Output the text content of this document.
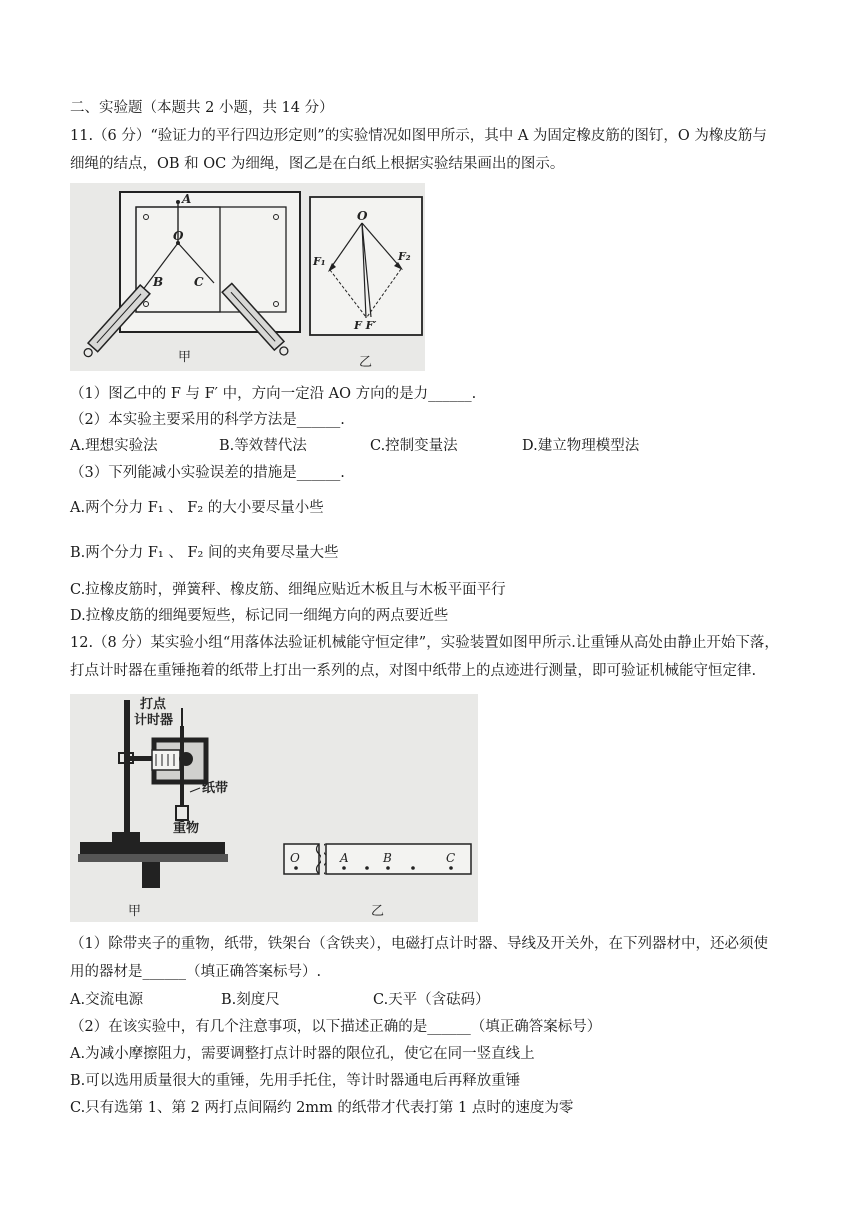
二、实验题（本题共 2 小题，共 14 分）
11.（6 分）“验证力的平行四边形定则”的实验情况如图甲所示，其中 A 为固定橡皮筋的图钉，O 为橡皮筋与
细绳的结点，OB 和 OC 为细绳，图乙是在白纸上根据实验结果画出的图示。
A
O
B	C
甲
O
F₁	F₂
F F′
乙
（1）图乙中的 F 与 F′ 中，方向一定沿 AO 方向的是力______.
（2）本实验主要采用的科学方法是______.
A.理想实验法	B.等效替代法	C.控制变量法	D.建立物理模型法
（3）下列能减小实验误差的措施是______.
A.两个分力 F₁ 、 F₂ 的大小要尽量小些
B.两个分力 F₁ 、 F₂ 间的夹角要尽量大些
C.拉橡皮筋时，弹簧秤、橡皮筋、细绳应贴近木板且与木板平面平行
D.拉橡皮筋的细绳要短些，标记同一细绳方向的两点要近些
12.（8 分）某实验小组“用落体法验证机械能守恒定律”，实验装置如图甲所示.让重锤从高处由静止开始下落，
打点计时器在重锤拖着的纸带上打出一系列的点，对图中纸带上的点迹进行测量，即可验证机械能守恒定律.
打点
计时器
纸带
重物
O	A	B	C
甲	乙
（1）除带夹子的重物，纸带，铁架台（含铁夹），电磁打点计时器、导线及开关外，在下列器材中，还必须使
用的器材是______（填正确答案标号）.
A.交流电源	B.刻度尺	C.天平（含砝码）
（2）在该实验中，有几个注意事项，以下描述正确的是______（填正确答案标号）
A.为减小摩擦阻力，需要调整打点计时器的限位孔，使它在同一竖直线上
B.可以选用质量很大的重锤，先用手托住，等计时器通电后再释放重锤
C.只有选第 1、第 2 两打点间隔约 2mm 的纸带才代表打第 1 点时的速度为零
